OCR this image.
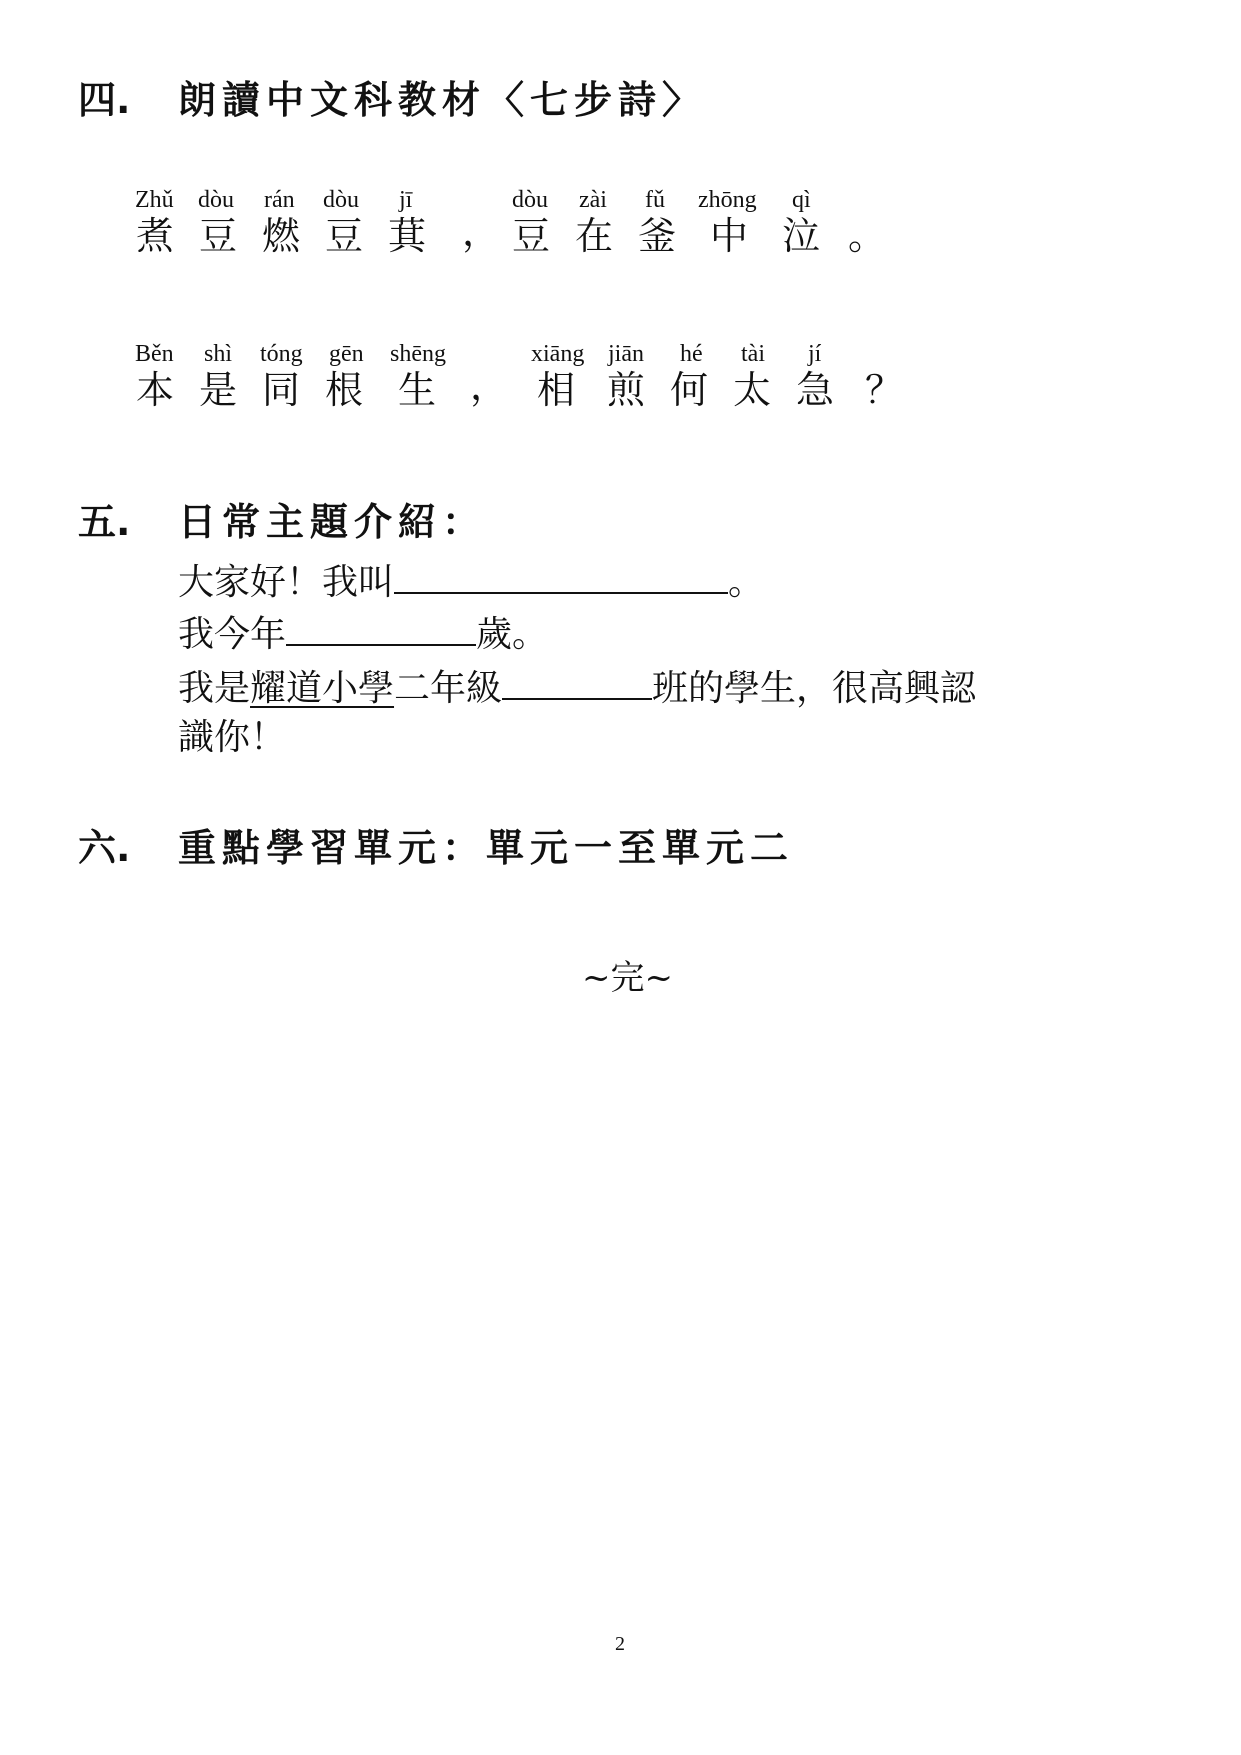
四. 朗讀中文科教材〈七步詩〉
Zhǔ dòu rán dòu jī	dòu zài fǔ zhōng qì
煮 豆 燃 豆 萁 ， 豆 在 釜 中 泣 。
Běn shì tóng gēn shēng	xiāng jiān hé tài jí
本 是 同 根 生 ， 相 煎 何 太 急 ？
五. 日常主題介紹：
大家好！我叫	。
我今年	歲。
我是耀道小學二年級	班的學生，很高興認
識你！
六. 重點學習單元：單元一至單元二
~完~
2
